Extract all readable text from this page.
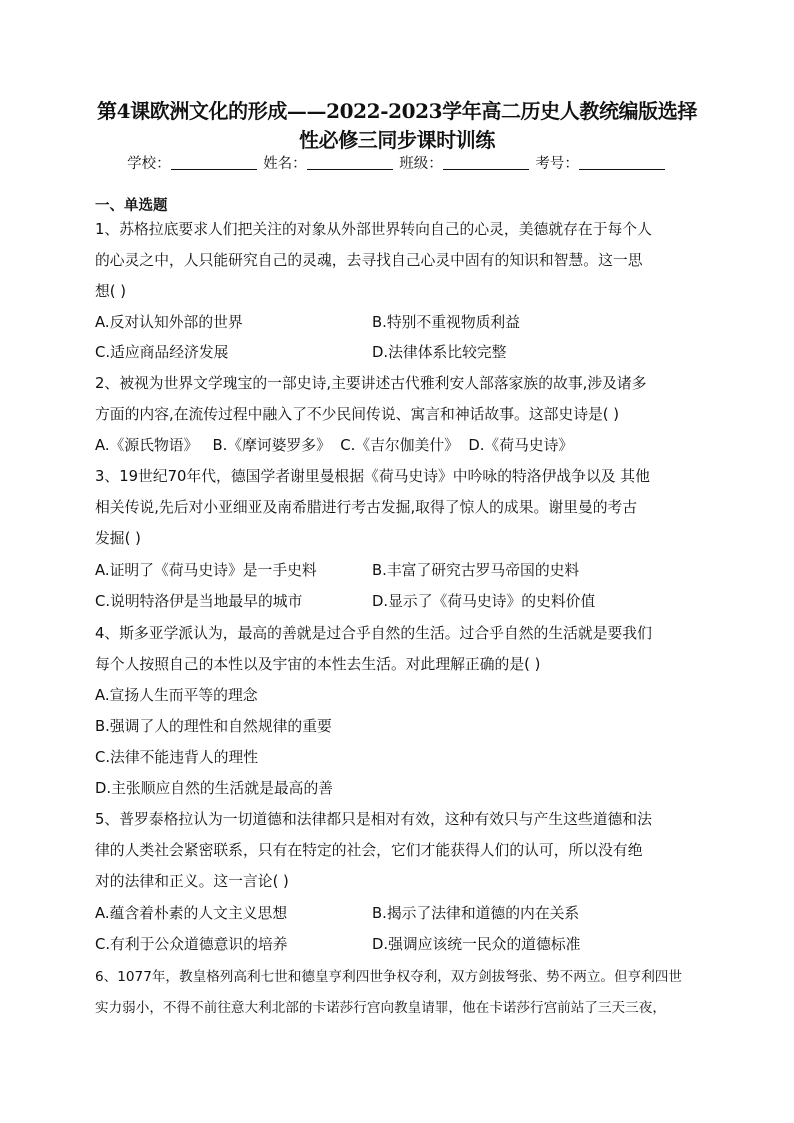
第4课欧洲文化的形成——2022-2023学年高二历史人教统编版选择
性必修三同步课时训练
学校：	姓名：	班级：	考号：
一、单选题
1、苏格拉底要求人们把关注的对象从外部世界转向自己的心灵，美德就存在于每个人
的心灵之中，人只能研究自己的灵魂，去寻找自己心灵中固有的知识和智慧。这一思
想( )
A.反对认知外部的世界	B.特别不重视物质利益
C.适应商品经济发展	D.法律体系比较完整
2、被视为世界文学瑰宝的一部史诗,主要讲述古代雅利安人部落家族的故事,涉及诸多
方面的内容,在流传过程中融入了不少民间传说、寓言和神话故事。这部史诗是( )
A.《源氏物语》   B.《摩诃婆罗多》  C.《吉尔伽美什》  D.《荷马史诗》
3、19世纪70年代，德国学者谢里曼根据《荷马史诗》中吟咏的特洛伊战争以及 其他
相关传说,先后对小亚细亚及南希腊进行考古发掘,取得了惊人的成果。谢里曼的考古
发掘( )
A.证明了《荷马史诗》是一手史料	B.丰富了研究古罗马帝国的史料
C.说明特洛伊是当地最早的城市	D.显示了《荷马史诗》的史料价值
4、斯多亚学派认为，最高的善就是过合乎自然的生活。过合乎自然的生活就是要我们
每个人按照自己的本性以及宇宙的本性去生活。对此理解正确的是( )
A.宣扬人生而平等的理念
B.强调了人的理性和自然规律的重要
C.法律不能违背人的理性
D.主张顺应自然的生活就是最高的善
5、普罗泰格拉认为一切道德和法律都只是相对有效，这种有效只与产生这些道德和法
律的人类社会紧密联系，只有在特定的社会，它们才能获得人们的认可，所以没有绝
对的法律和正义。这一言论( )
A.蕴含着朴素的人文主义思想	B.揭示了法律和道德的内在关系
C.有利于公众道德意识的培养	D.强调应该统一民众的道德标准
6、1077年，教皇格列高利七世和德皇亨利四世争权夺利，双方剑拔弩张、势不两立。但亨利四世
实力弱小，不得不前往意大利北部的卡诺莎行宫向教皇请罪，他在卡诺莎行宫前站了三天三夜，
